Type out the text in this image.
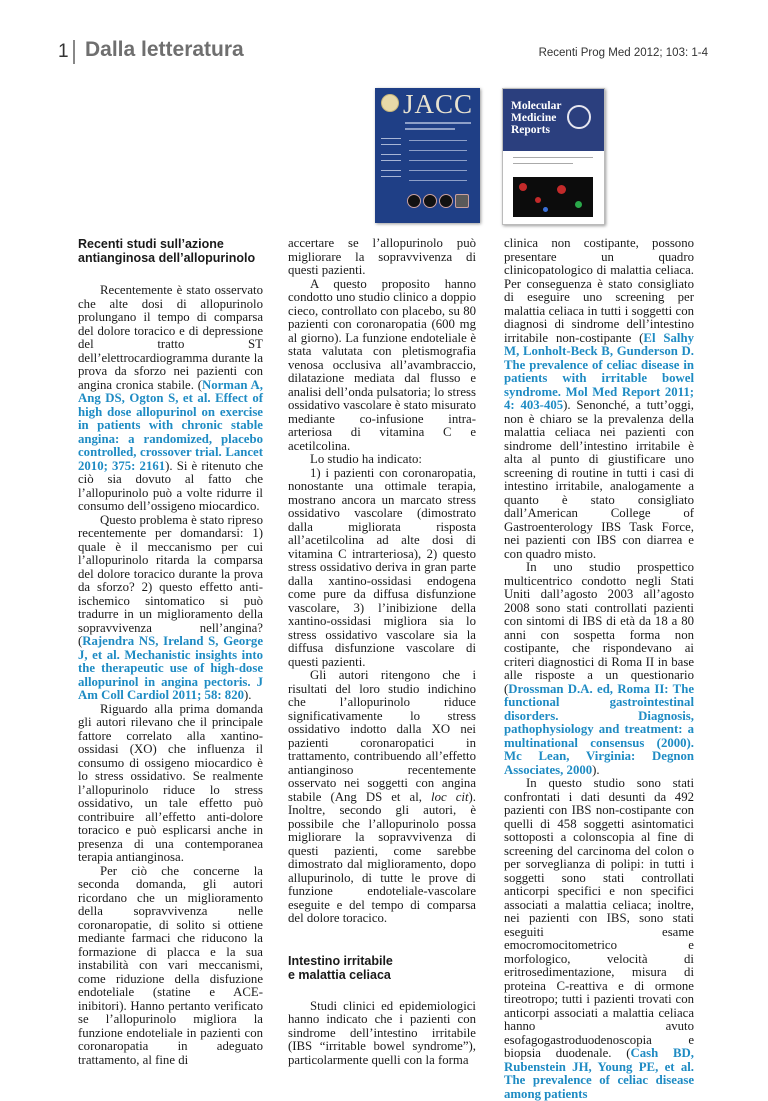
1 Dalla letteratura	Recenti Prog Med 2012; 103: 1-4
JACC	Molecular
Medicine
Reports
Recenti studi sull’azione
antianginosa dell’allopurinolo

Recentemente è stato osservato che alte dosi di allopurinolo prolungano il tempo di comparsa del dolore toracico e di depressione del tratto ST dell’elettrocardiogramma durante la prova da sforzo nei pazienti con angina cronica stabile. (Norman A, Ang DS, Ogton S, et al. Effect of high dose allopurinol on exercise in patients with chronic stable angina: a randomized, placebo controlled, crossover trial. Lancet 2010; 375: 2161). Si è ritenuto che ciò sia dovuto al fatto che l’allopurinolo può a volte ridurre il consumo dell’ossigeno miocardico.

Questo problema è stato ripreso recentemente per domandarsi: 1) quale è il meccanismo per cui l’allopurinolo ritarda la comparsa del dolore toracico durante la prova da sforzo? 2) questo effetto anti-ischemico sintomatico si può tradurre in un miglioramento della sopravvivenza nell’angina? (Rajendra NS, Ireland S, George J, et al. Mechanistic insights into the therapeutic use of high-dose allopurinol in angina pectoris. J Am Coll Cardiol 2011; 58: 820).

Riguardo alla prima domanda gli autori rilevano che il principale fattore correlato alla xantino-ossidasi (XO) che influenza il consumo di ossigeno miocardico è lo stress ossidativo. Se realmente l’allopurinolo riduce lo stress ossidativo, un tale effetto può contribuire all’effetto anti-dolore toracico e può esplicarsi anche in presenza di una contemporanea terapia antianginosa.

Per ciò che concerne la seconda domanda, gli autori ricordano che un miglioramento della sopravvivenza nelle coronaropatie, di solito si ottiene mediante farmaci che riducono la formazione di placca e la sua instabilità con vari meccanismi, come riduzione della disfuzione endoteliale (statine e ACE-inibitori). Hanno pertanto verificato se l’allopurinolo migliora la funzione endoteliale in pazienti con coronaropatia in adeguato trattamento, al fine di

accertare se l’allopurinolo può migliorare la sopravvivenza di questi pazienti.

A questo proposito hanno condotto uno studio clinico a doppio cieco, controllato con placebo, su 80 pazienti con coronaropatia (600 mg al giorno). La funzione endoteliale è stata valutata con pletismografia venosa occlusiva all’avambraccio, dilatazione mediata dal flusso e analisi dell’onda pulsatoria; lo stress ossidativo vascolare è stato misurato mediante co-infusione intra-arteriosa di vitamina C e acetilcolina.

Lo studio ha indicato:

1) i pazienti con coronaropatia, nonostante una ottimale terapia, mostrano ancora un marcato stress ossidativo vascolare (dimostrato dalla migliorata risposta all’acetilcolina ad alte dosi di vitamina C intrarteriosa), 2) questo stress ossidativo deriva in gran parte dalla xantino-ossidasi endogena come pure da diffusa disfunzione vascolare, 3) l’inibizione della xantino-ossidasi migliora sia lo stress ossidativo vascolare sia la diffusa disfunzione vascolare di questi pazienti.

Gli autori ritengono che i risultati del loro studio indichino che l’allopurinolo riduce significativamente lo stress ossidativo indotto dalla XO nei pazienti coronaropatici in trattamento, contribuendo all’effetto antianginoso recentemente osservato nei soggetti con angina stabile (Ang DS et al, loc cit). Inoltre, secondo gli autori, è possibile che l’allopurinolo possa migliorare la sopravvivenza di questi pazienti, come sarebbe dimostrato dal miglioramento, dopo allupurinolo, di tutte le prove di funzione endoteliale-vascolare eseguite e del tempo di comparsa del dolore toracico.

Intestino irritabile
e malattia celiaca

Studi clinici ed epidemiologici hanno indicato che i pazienti con sindrome dell’intestino irritabile (IBS “irritable bowel syndrome”), particolarmente quelli con la forma

clinica non costipante, possono presentare un quadro clinicopatologico di malattia celiaca. Per conseguenza è stato consigliato di eseguire uno screening per malattia celiaca in tutti i soggetti con diagnosi di sindrome dell’intestino irritabile non-costipante (El Salhy M, Lonholt-Beck B, Gunderson D. The prevalence of celiac disease in patients with irritable bowel syndrome. Mol Med Report 2011; 4: 403-405). Senonché, a tutt’oggi, non è chiaro se la prevalenza della malattia celiaca nei pazienti con sindrome dell’intestino irritabile è alta al punto di giustificare uno screening di routine in tutti i casi di intestino irritabile, analogamente a quanto è stato consigliato dall’American College of Gastroenterology IBS Task Force, nei pazienti con IBS con diarrea e con quadro misto.

In uno studio prospettico multicentrico condotto negli Stati Uniti dall’agosto 2003 all’agosto 2008 sono stati controllati pazienti con sintomi di IBS di età da 18 a 80 anni con sospetta forma non costipante, che rispondevano ai criteri diagnostici di Roma II in base alle risposte a un questionario (Drossman D.A. ed, Roma II: The functional gastrointestinal disorders. Diagnosis, pathophysiology and treatment: a multinational consensus (2000). Mc Lean, Virginia: Degnon Associates, 2000).

In questo studio sono stati confrontati i dati desunti da 492 pazienti con IBS non-costipante con quelli di 458 soggetti asintomatici sottoposti a colonscopia al fine di screening del carcinoma del colon o per sorveglianza di polipi: in tutti i soggetti sono stati controllati anticorpi specifici e non specifici associati a malattia celiaca; inoltre, nei pazienti con IBS, sono stati eseguiti esame emocromocitometrico e morfologico, velocità di eritrosedimentazione, misura di proteina C-reattiva e di ormone tireotropo; tutti i pazienti trovati con anticorpi associati a malattia celiaca hanno avuto esofagogastroduodenoscopia e biopsia duodenale. (Cash BD, Rubenstein JH, Young PE, et al. The prevalence of celiac disease among patients
